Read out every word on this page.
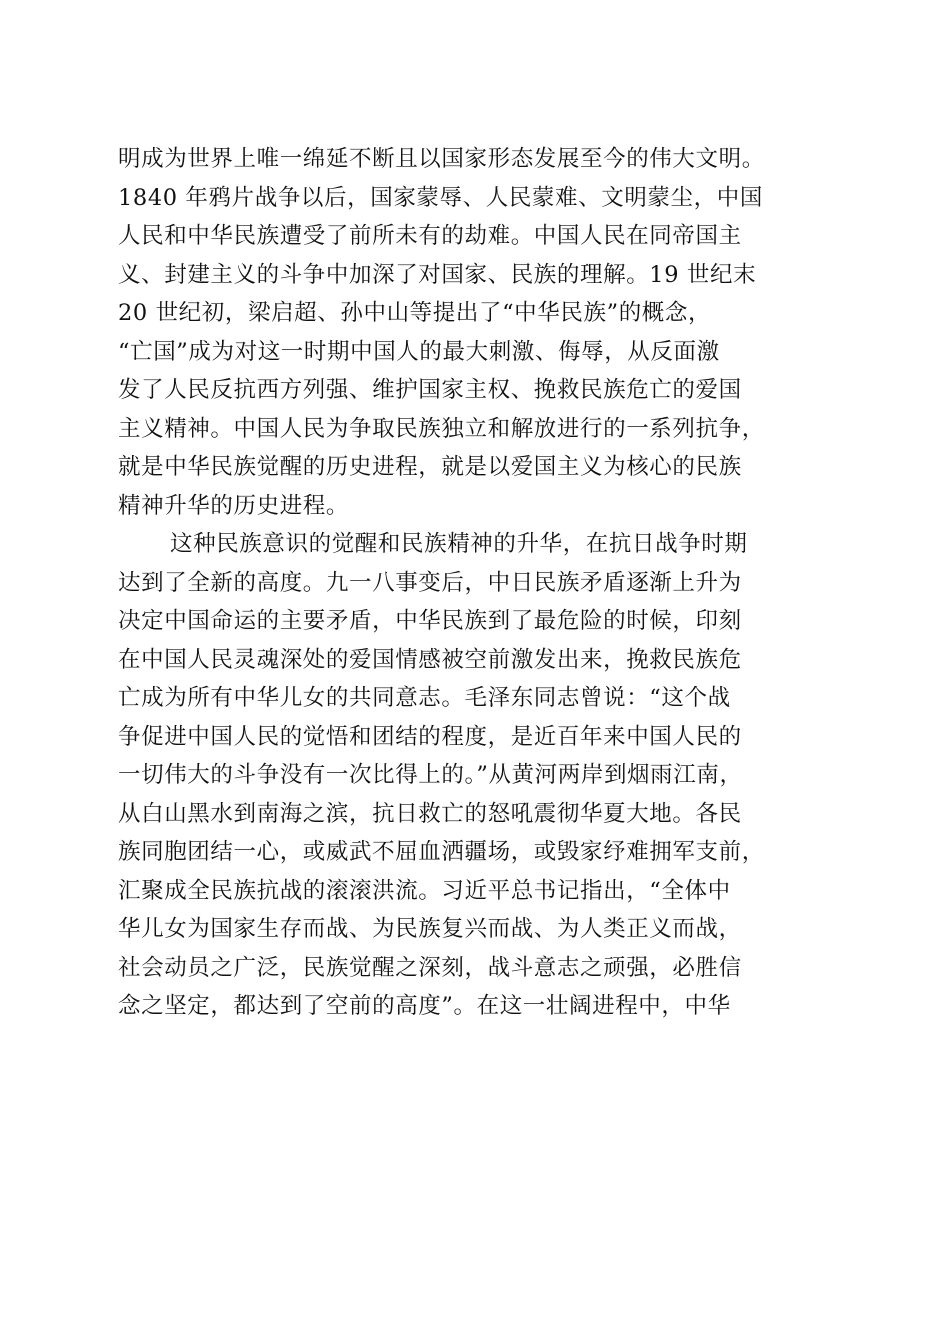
明成为世界上唯一绵延不断且以国家形态发展至今的伟大文明。
1840 年鸦片战争以后，国家蒙辱、人民蒙难、文明蒙尘，中国
人民和中华民族遭受了前所未有的劫难。中国人民在同帝国主
义、封建主义的斗争中加深了对国家、民族的理解。19 世纪末
20 世纪初，梁启超、孙中山等提出了“中华民族”的概念，
“亡国”成为对这一时期中国人的最大刺激、侮辱，从反面激
发了人民反抗西方列强、维护国家主权、挽救民族危亡的爱国
主义精神。中国人民为争取民族独立和解放进行的一系列抗争，
就是中华民族觉醒的历史进程，就是以爱国主义为核心的民族
精神升华的历史进程。
这种民族意识的觉醒和民族精神的升华，在抗日战争时期
达到了全新的高度。九一八事变后，中日民族矛盾逐渐上升为
决定中国命运的主要矛盾，中华民族到了最危险的时候，印刻
在中国人民灵魂深处的爱国情感被空前激发出来，挽救民族危
亡成为所有中华儿女的共同意志。毛泽东同志曾说：“这个战
争促进中国人民的觉悟和团结的程度，是近百年来中国人民的
一切伟大的斗争没有一次比得上的。”从黄河两岸到烟雨江南，
从白山黑水到南海之滨，抗日救亡的怒吼震彻华夏大地。各民
族同胞团结一心，或威武不屈血洒疆场，或毁家纾难拥军支前，
汇聚成全民族抗战的滚滚洪流。习近平总书记指出，“全体中
华儿女为国家生存而战、为民族复兴而战、为人类正义而战，
社会动员之广泛，民族觉醒之深刻，战斗意志之顽强，必胜信
念之坚定，都达到了空前的高度”。在这一壮阔进程中，中华
